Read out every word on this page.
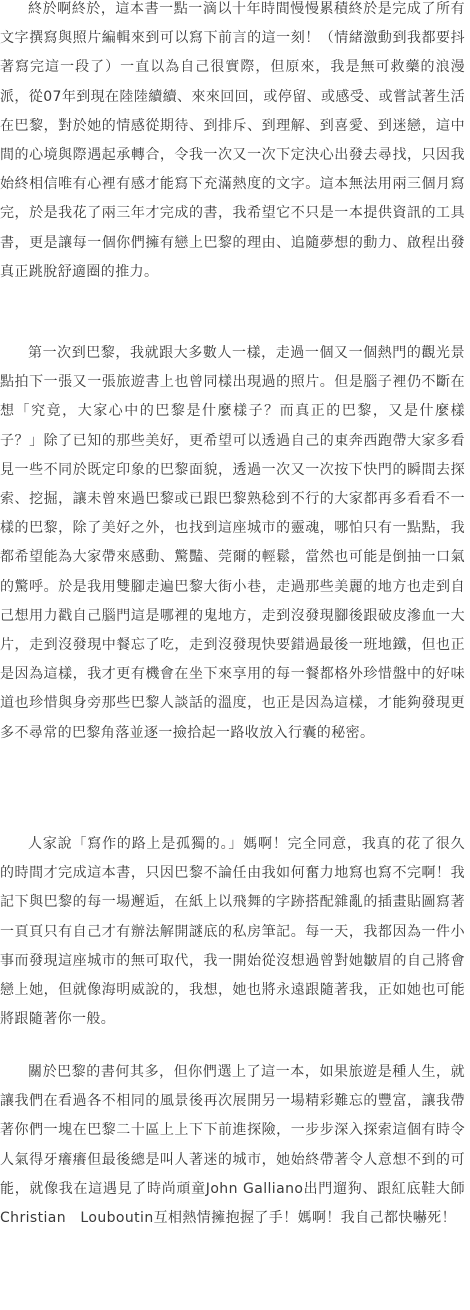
終於啊終於，這本書一點一滴以十年時間慢慢累積終於是完成了所有文字撰寫與照片編輯來到可以寫下前言的這一刻！（情緒激動到我都要抖著寫完這一段了）一直以為自己很實際，但原來，我是無可救藥的浪漫派，從07年到現在陸陸續續、來來回回，或停留、或感受、或嘗試著生活在巴黎，對於她的情感從期待、到排斥、到理解、到喜愛、到迷戀，這中間的心境與際遇起承轉合，令我一次又一次下定決心出發去尋找，只因我始終相信唯有心裡有感才能寫下充滿熱度的文字。這本無法用兩三個月寫完，於是我花了兩三年才完成的書，我希望它不只是一本提供資訊的工具書，更是讓每一個你們擁有戀上巴黎的理由、追隨夢想的動力、啟程出發真正跳脫舒適圈的推力。

第一次到巴黎，我就跟大多數人一樣，走過一個又一個熱門的觀光景點拍下一張又一張旅遊書上也曾同樣出現過的照片。但是腦子裡仍不斷在想「究竟，大家心中的巴黎是什麼樣子？而真正的巴黎，又是什麼樣子？」除了已知的那些美好，更希望可以透過自己的東奔西跑帶大家多看見一些不同於既定印象的巴黎面貌，透過一次又一次按下快門的瞬間去探索、挖掘，讓未曾來過巴黎或已跟巴黎熟稔到不行的大家都再多看看不一樣的巴黎，除了美好之外，也找到這座城市的靈魂，哪怕只有一點點，我都希望能為大家帶來感動、驚豔、莞爾的輕鬆，當然也可能是倒抽一口氣的驚呼。於是我用雙腳走遍巴黎大街小巷，走過那些美麗的地方也走到自己想用力戳自己腦門這是哪裡的鬼地方，走到沒發現腳後跟破皮滲血一大片，走到沒發現中餐忘了吃，走到沒發現快要錯過最後一班地鐵，但也正是因為這樣，我才更有機會在坐下來享用的每一餐都格外珍惜盤中的好味道也珍惜與身旁那些巴黎人談話的溫度，也正是因為這樣，才能夠發現更多不尋常的巴黎角落並逐一撿拾起一路收放入行囊的秘密。

人家說「寫作的路上是孤獨的。」媽啊！完全同意，我真的花了很久的時間才完成這本書，只因巴黎不論任由我如何奮力地寫也寫不完啊！我記下與巴黎的每一場邂逅，在紙上以飛舞的字跡搭配雜亂的插畫貼圖寫著一頁頁只有自己才有辦法解開謎底的私房筆記。每一天，我都因為一件小事而發現這座城市的無可取代，我一開始從沒想過曾對她皺眉的自己將會戀上她，但就像海明威說的，我想，她也將永遠跟隨著我，正如她也可能將跟隨著你一般。

關於巴黎的書何其多，但你們選上了這一本，如果旅遊是種人生，就讓我們在看過各不相同的風景後再次展開另一場精彩難忘的豐富，讓我帶著你們一塊在巴黎二十區上上下下前進探險，一步步深入探索這個有時令人氣得牙癢癢但最後總是叫人著迷的城市，她始終帶著令人意想不到的可能，就像我在這遇見了時尚頑童John Galliano出門遛狗、跟紅底鞋大師Christian　Louboutin互相熱情擁抱握了手！媽啊！我自己都快嚇死！
